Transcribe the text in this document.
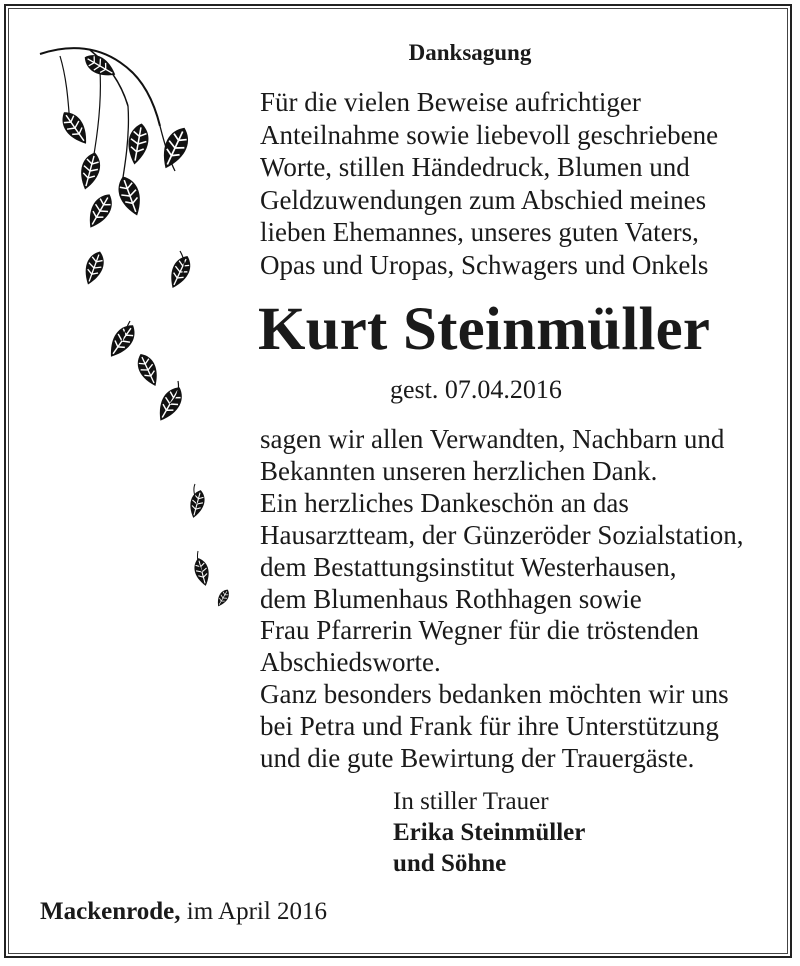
Danksagung

Für die vielen Beweise aufrichtiger
Anteilnahme sowie liebevoll geschriebene
Worte, stillen Händedruck, Blumen und
Geldzuwendungen zum Abschied meines
lieben Ehemannes, unseres guten Vaters,
Opas und Uropas, Schwagers und Onkels

Kurt Steinmüller

gest. 07.04.2016

sagen wir allen Verwandten, Nachbarn und
Bekannten unseren herzlichen Dank.
Ein herzliches Dankeschön an das
Hausarztteam, der Günzeröder Sozialstation,
dem Bestattungsinstitut Westerhausen,
dem Blumenhaus Rothhagen sowie
Frau Pfarrerin Wegner für die tröstenden
Abschiedsworte.
Ganz besonders bedanken möchten wir uns
bei Petra und Frank für ihre Unterstützung
und die gute Bewirtung der Trauergäste.

In stiller Trauer
Erika Steinmüller
und Söhne

Mackenrode, im April 2016
